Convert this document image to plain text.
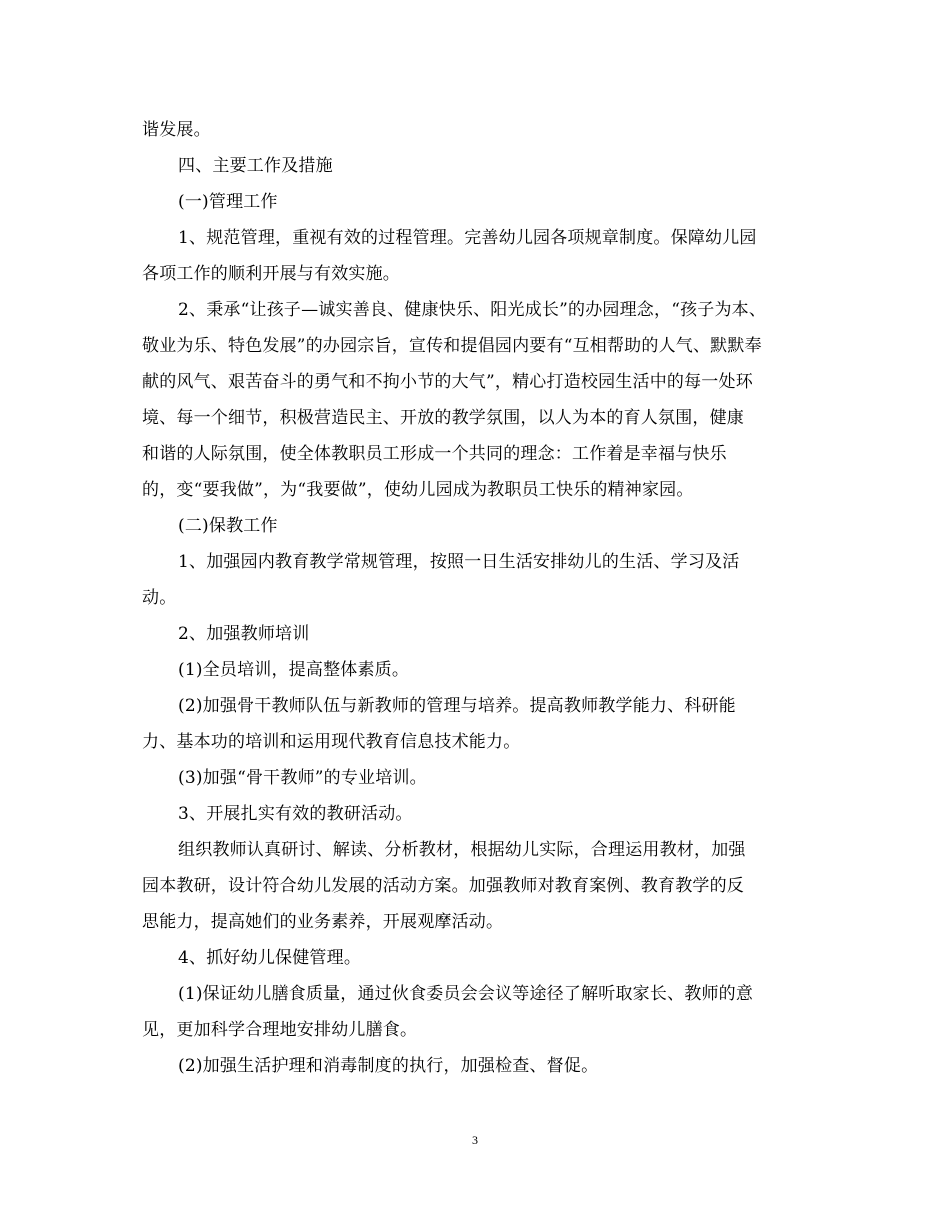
谐发展。
四、主要工作及措施
(一)管理工作
1、规范管理，重视有效的过程管理。完善幼儿园各项规章制度。保障幼儿园
各项工作的顺利开展与有效实施。
2、秉承“让孩子—诚实善良、健康快乐、阳光成长”的办园理念，“孩子为本、
敬业为乐、特色发展”的办园宗旨，宣传和提倡园内要有“互相帮助的人气、默默奉
献的风气、艰苦奋斗的勇气和不拘小节的大气”，精心打造校园生活中的每一处环
境、每一个细节，积极营造民主、开放的教学氛围，以人为本的育人氛围，健康
和谐的人际氛围，使全体教职员工形成一个共同的理念：工作着是幸福与快乐
的，变“要我做”，为“我要做”，使幼儿园成为教职员工快乐的精神家园。
(二)保教工作
1、加强园内教育教学常规管理，按照一日生活安排幼儿的生活、学习及活
动。
2、加强教师培训
(1)全员培训，提高整体素质。
(2)加强骨干教师队伍与新教师的管理与培养。提高教师教学能力、科研能
力、基本功的培训和运用现代教育信息技术能力。
(3)加强“骨干教师”的专业培训。
3、开展扎实有效的教研活动。
组织教师认真研讨、解读、分析教材，根据幼儿实际，合理运用教材，加强
园本教研，设计符合幼儿发展的活动方案。加强教师对教育案例、教育教学的反
思能力，提高她们的业务素养，开展观摩活动。
4、抓好幼儿保健管理。
(1)保证幼儿膳食质量，通过伙食委员会会议等途径了解听取家长、教师的意
见，更加科学合理地安排幼儿膳食。
(2)加强生活护理和消毒制度的执行，加强检查、督促。
3
